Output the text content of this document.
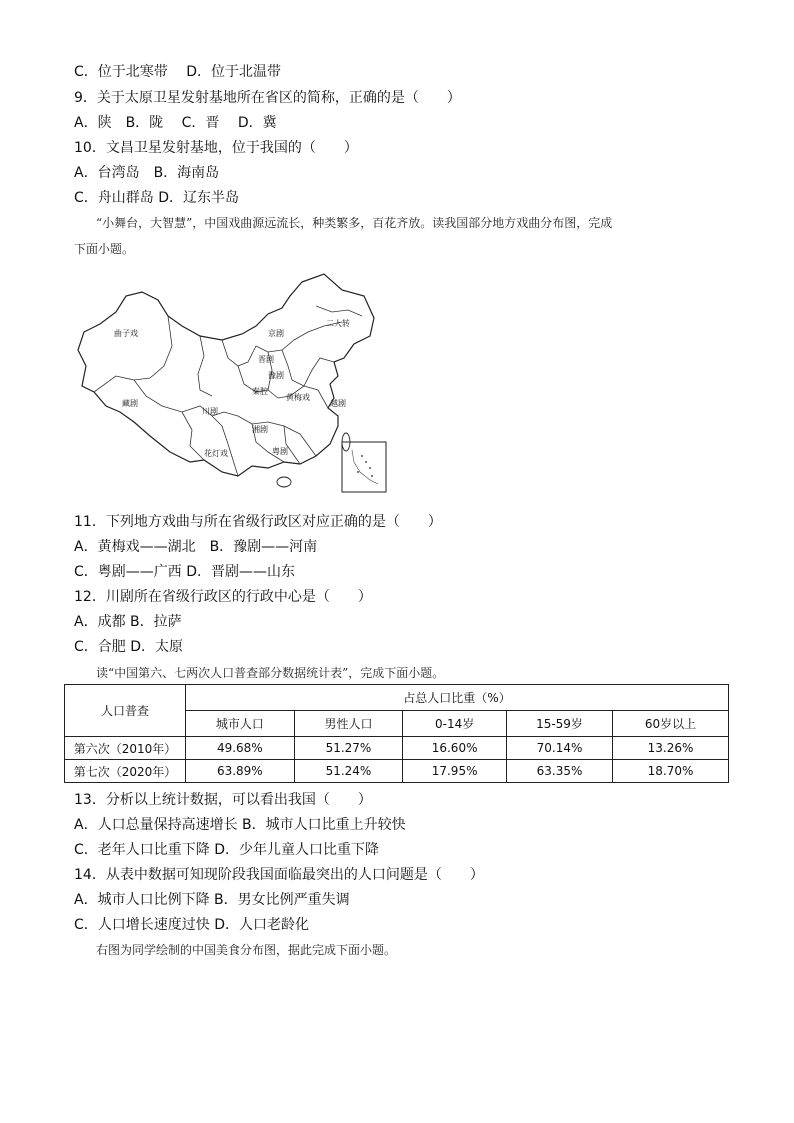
C．位于北寒带　 D．位于北温带
9．关于太原卫星发射基地所在省区的简称，正确的是（　　）
A．陕　B．陇　 C．晋　 D．冀
10．文昌卫星发射基地，位于我国的（　　）
A．台湾岛　B．海南岛
C．舟山群岛 D．辽东半岛
“小舞台，大智慧”，中国戏曲源远流长，种类繁多，百花齐放。读我国部分地方戏曲分布图，完成
下面小题。
曲子戏
二人转
京剧
晋剧
豫剧
秦腔
藏剧
川剧
黄梅戏
越剧
湘剧
粤剧
花灯戏
11．下列地方戏曲与所在省级行政区对应正确的是（　　）
A．黄梅戏——湖北　B．豫剧——河南
C．粤剧——广西 D．晋剧——山东
12．川剧所在省级行政区的行政中心是（　　）
A．成都 B．拉萨
C．合肥 D．太原
读“中国第六、七两次人口普查部分数据统计表”，完成下面小题。
人口普查	占总人口比重（%）				
	城市人口	男性人口	0-14岁	15-59岁	60岁以上
第六次（2010年）	49.68%	51.27%	16.60%	70.14%	13.26%
第七次（2020年）	63.89%	51.24%	17.95%	63.35%	18.70%
13．分析以上统计数据，可以看出我国（　　）
A．人口总量保持高速增长 B．城市人口比重上升较快
C．老年人口比重下降 D．少年儿童人口比重下降
14．从表中数据可知现阶段我国面临最突出的人口问题是（　　）
A．城市人口比例下降 B．男女比例严重失调
C．人口增长速度过快 D．人口老龄化
右图为同学绘制的中国美食分布图，据此完成下面小题。
